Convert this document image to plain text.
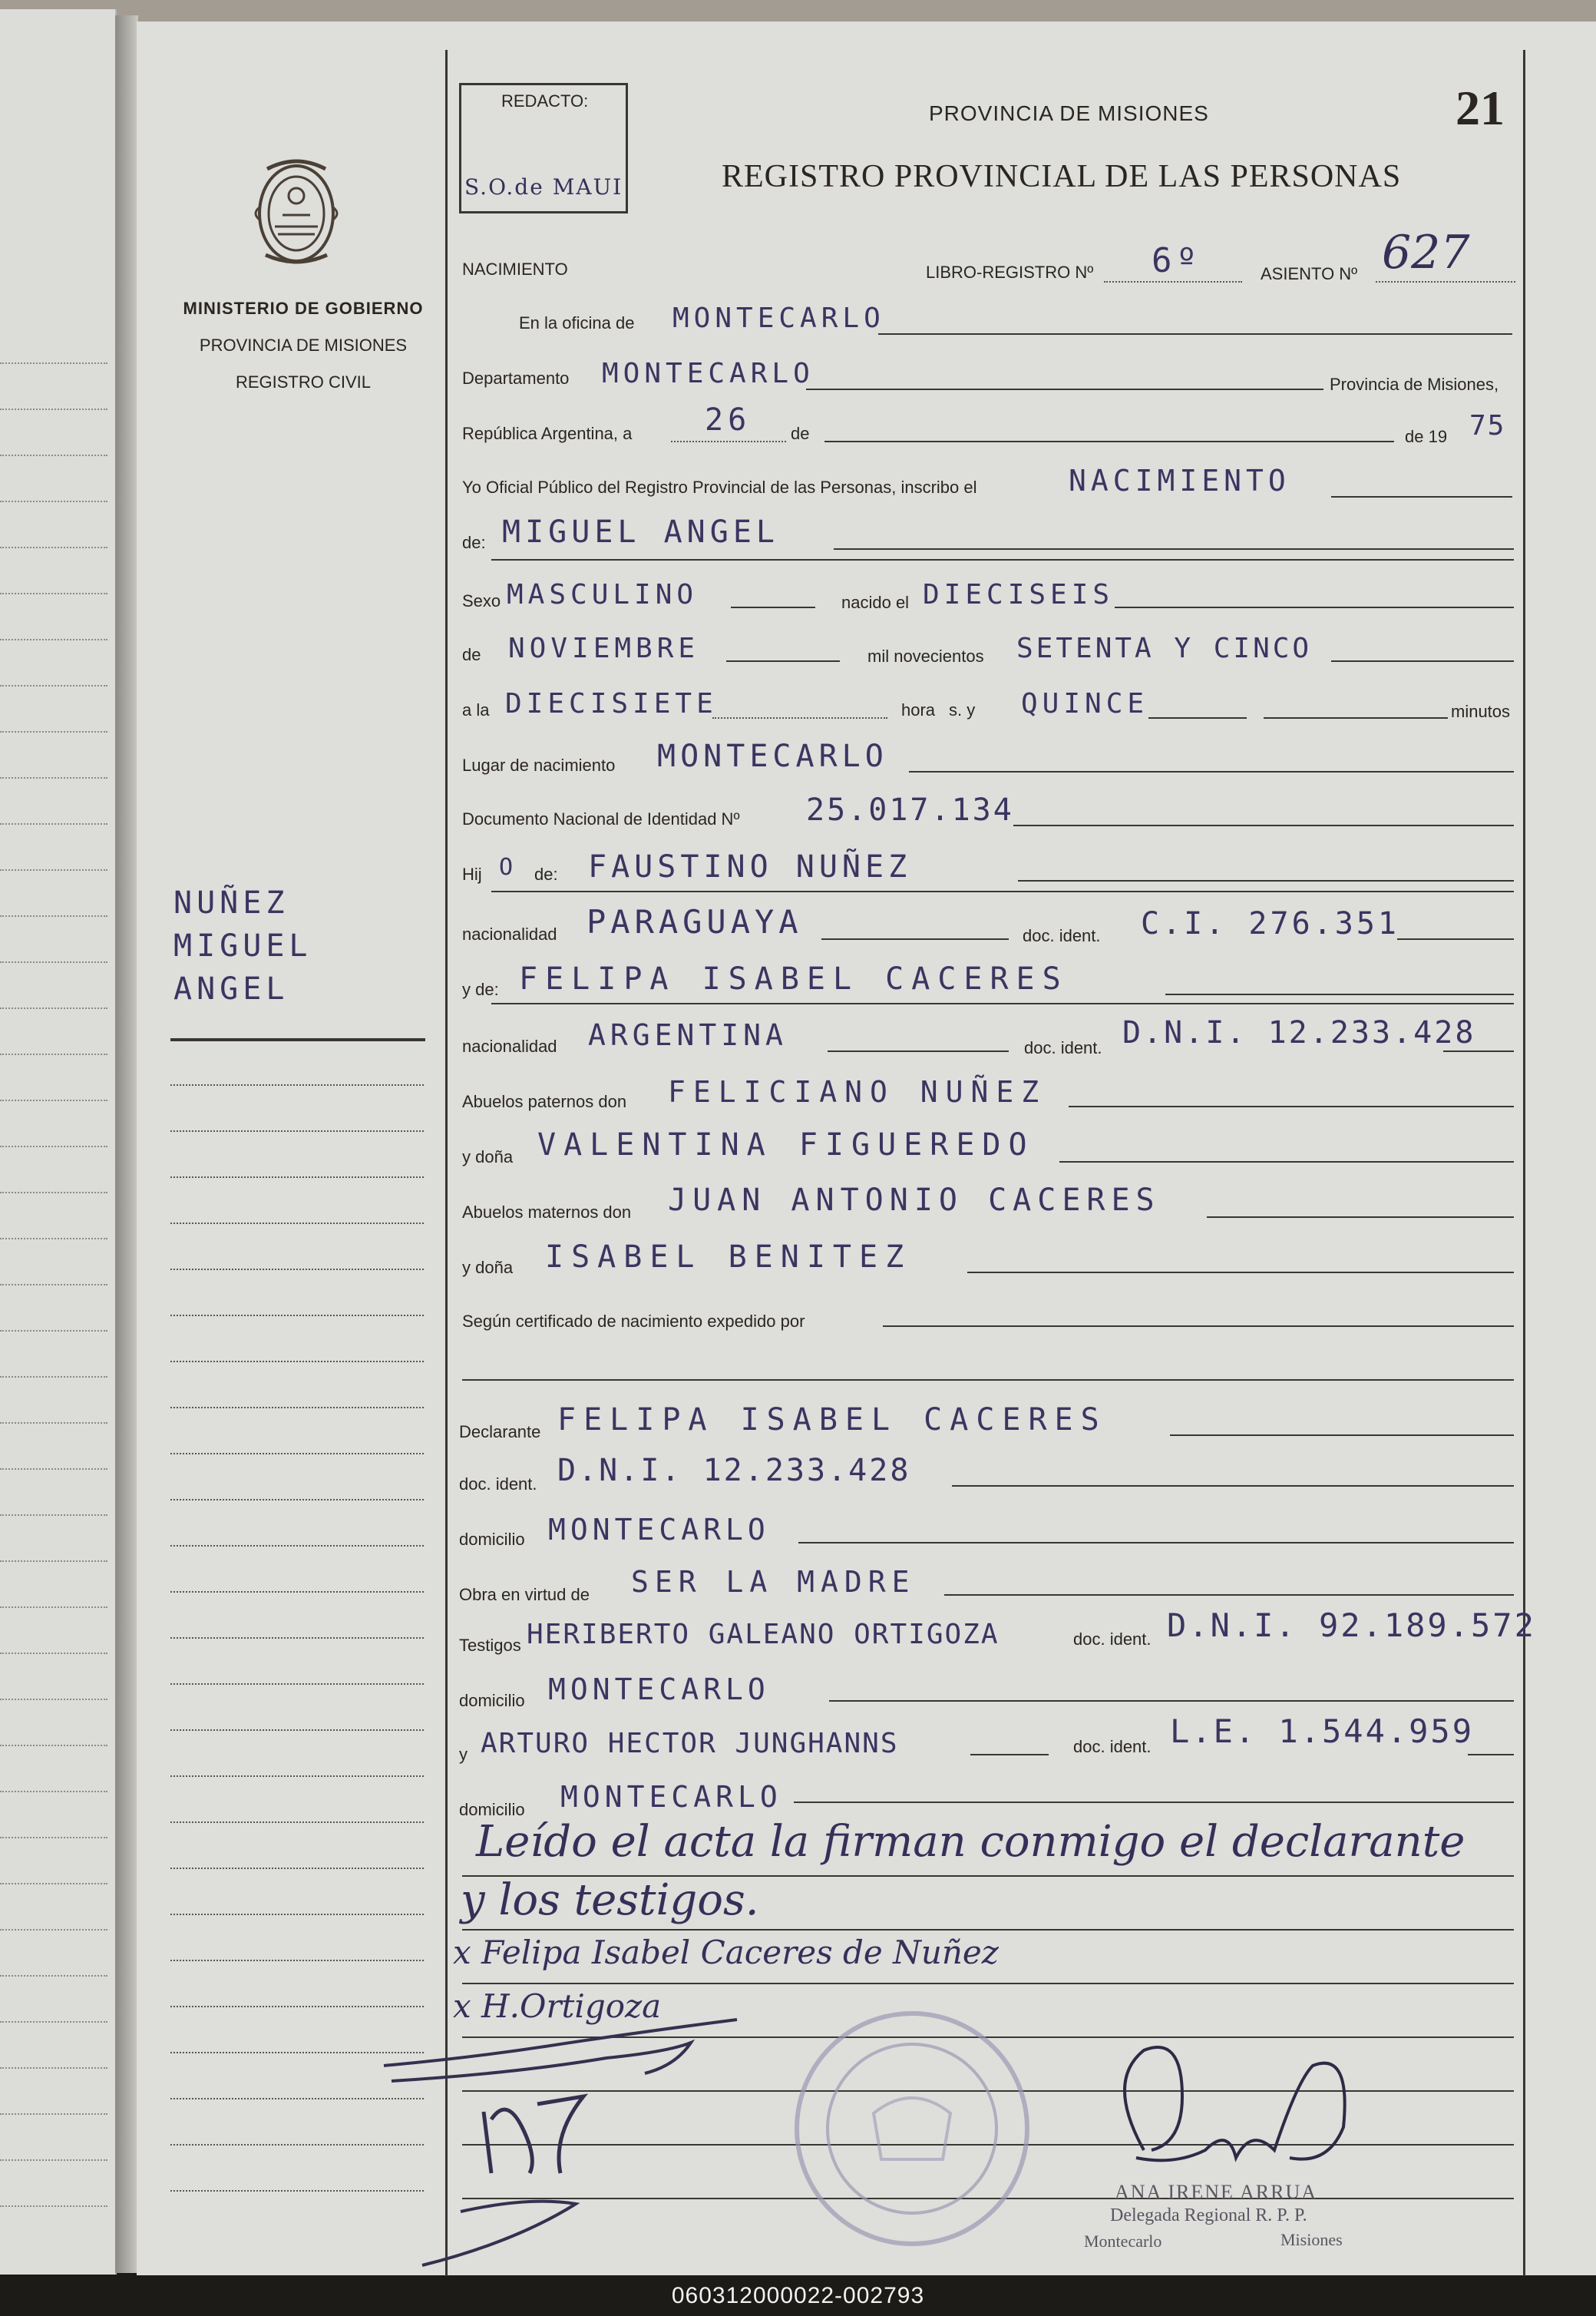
MINISTERIO DE GOBIERNO
PROVINCIA DE MISIONES
REGISTRO CIVIL
NUÑEZ
MIGUEL
ANGEL
REDACTO:
S.O.de MAUI
PROVINCIA DE MISIONES
REGISTRO PROVINCIAL DE LAS PERSONAS
21
NACIMIENTO	LIBRO-REGISTRO Nº 6º	ASIENTO Nº 627
En la oficina de MONTECARLO
Departamento MONTECARLO	Provincia de Misiones,
República Argentina, a 26 de	de 19 75
Yo Oficial Público del Registro Provincial de las Personas, inscribo el	NACIMIENTO
de: MIGUEL ANGEL
Sexo MASCULINO	nacido el DIECISEIS
de NOVIEMBRE	mil novecientos SETENTA Y CINCO
a la DIECISIETE	hora s. y QUINCE	minutos
Lugar de nacimiento MONTECARLO
Documento Nacional de Identidad Nº 25.017.134
Hij O de: FAUSTINO NUÑEZ
nacionalidad PARAGUAYA	doc. ident. C.I. 276.351
y de: FELIPA ISABEL CACERES
nacionalidad ARGENTINA	doc. ident. D.N.I. 12.233.428
Abuelos paternos don FELICIANO NUÑEZ
y doña VALENTINA FIGUEREDO
Abuelos maternos don JUAN ANTONIO CACERES
y doña ISABEL BENITEZ
Según certificado de nacimiento expedido por
Declarante FELIPA ISABEL CACERES
doc. ident. D.N.I. 12.233.428
domicilio MONTECARLO
Obra en virtud de SER LA MADRE
Testigos HERIBERTO GALEANO ORTIGOZA	doc. ident. D.N.I. 92.189.572
domicilio MONTECARLO
y ARTURO HECTOR JUNGHANNS	doc. ident. L.E. 1.544.959
domicilio MONTECARLO
Leído el acta la firman conmigo el declarante
y los testigos.
x Felipa Isabel Caceres de Nuñez
x H.Ortigoza
ANA IRENE ARRUA
Delegada Regional R. P. P.
Montecarlo	Misiones
060312000022-002793
